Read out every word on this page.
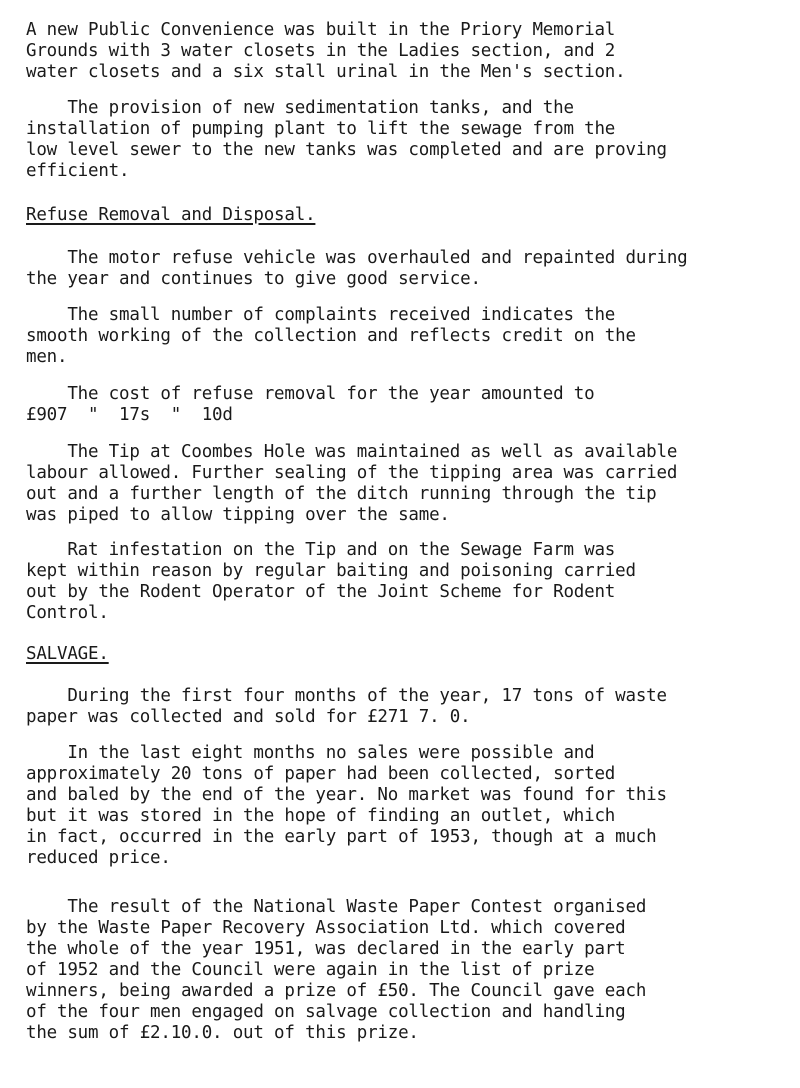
A new Public Convenience was built in the Priory Memorial
Grounds with 3 water closets in the Ladies section, and 2
water closets and a six stall urinal in the Men's section.

The provision of new sedimentation tanks, and the
installation of pumping plant to lift the sewage from the
low level sewer to the new tanks was completed and are proving
efficient.

Refuse Removal and Disposal.

The motor refuse vehicle was overhauled and repainted during
the year and continues to give good service.

The small number of complaints received indicates the
smooth working of the collection and reflects credit on the
men.

The cost of refuse removal for the year amounted to
£907  "  17s  "  10d

The Tip at Coombes Hole was maintained as well as available
labour allowed. Further sealing of the tipping area was carried
out and a further length of the ditch running through the tip
was piped to allow tipping over the same.

Rat infestation on the Tip and on the Sewage Farm was
kept within reason by regular baiting and poisoning carried
out by the Rodent Operator of the Joint Scheme for Rodent
Control.

SALVAGE.

During the first four months of the year, 17 tons of waste
paper was collected and sold for £271 7. 0.

In the last eight months no sales were possible and
approximately 20 tons of paper had been collected, sorted
and baled by the end of the year. No market was found for this
but it was stored in the hope of finding an outlet, which
in fact, occurred in the early part of 1953, though at a much
reduced price.

The result of the National Waste Paper Contest organised
by the Waste Paper Recovery Association Ltd. which covered
the whole of the year 1951, was declared in the early part
of 1952 and the Council were again in the list of prize
winners, being awarded a prize of £50. The Council gave each
of the four men engaged on salvage collection and handling
the sum of £2.10.0. out of this prize.
